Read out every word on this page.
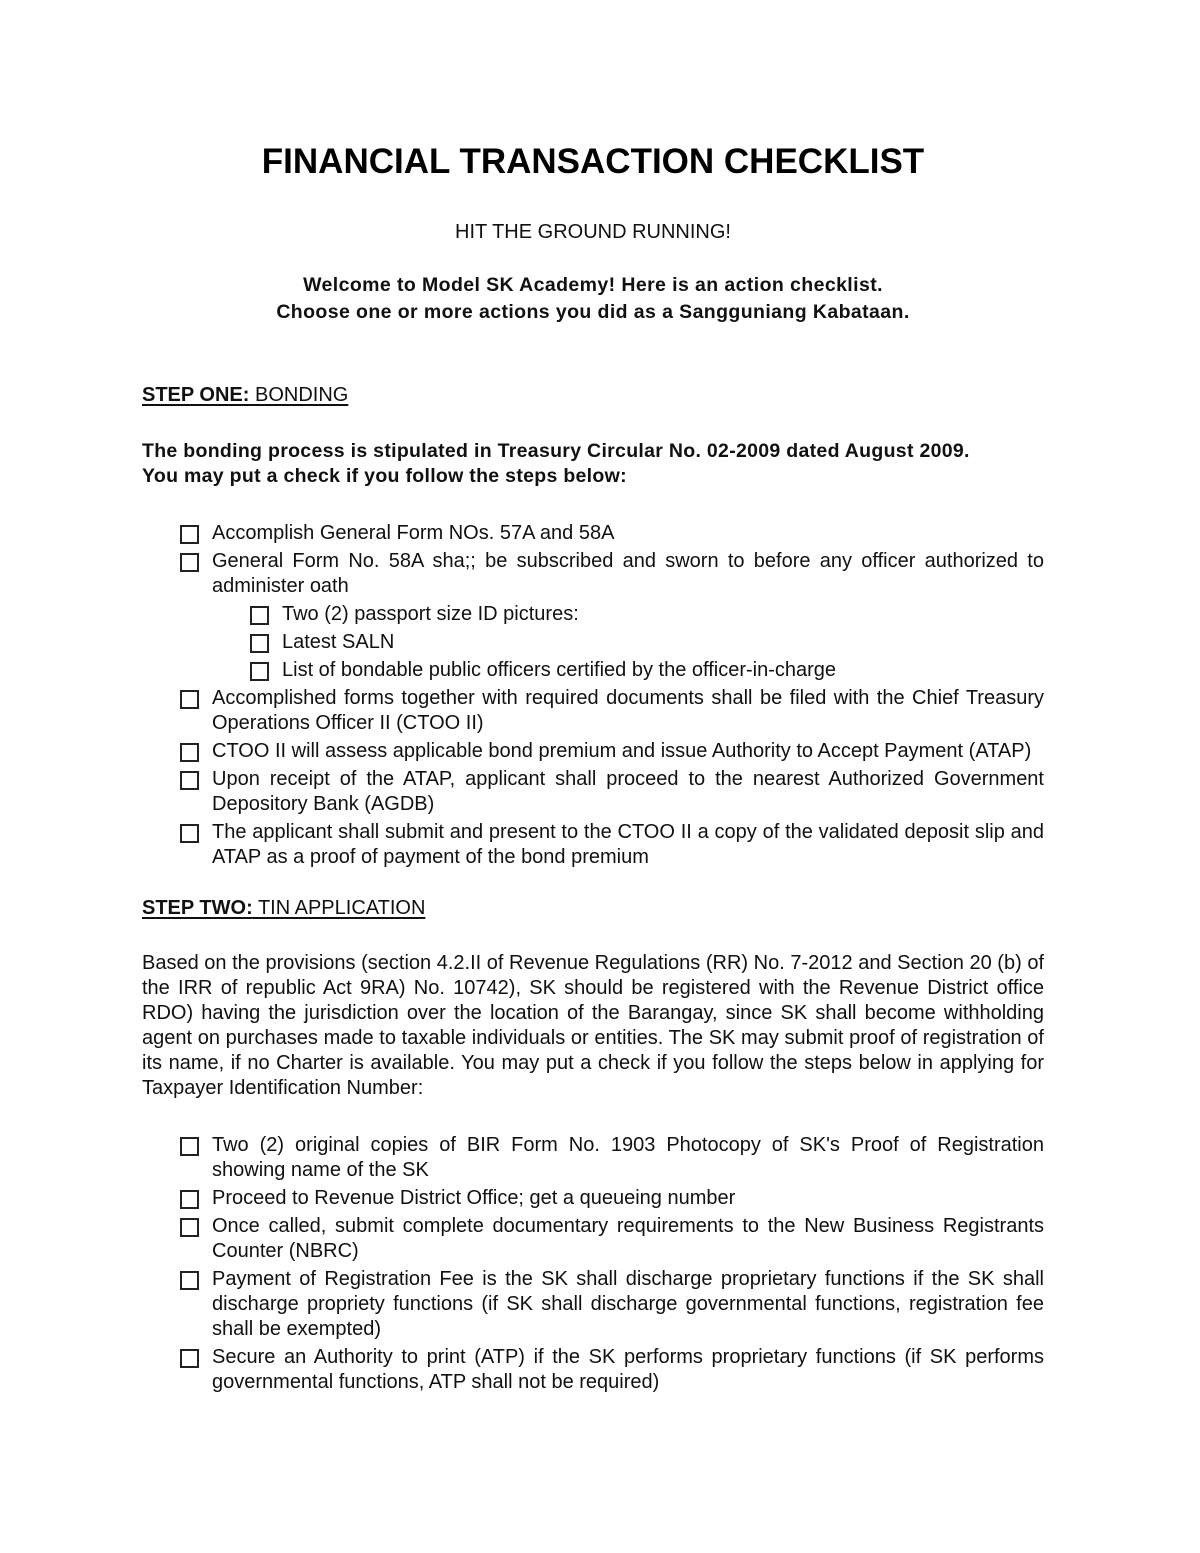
FINANCIAL TRANSACTION CHECKLIST
HIT THE GROUND RUNNING!
Welcome to Model SK Academy! Here is an action checklist.
Choose one or more actions you did as a Sangguniang Kabataan.
STEP ONE: BONDING
The bonding process is stipulated in Treasury Circular No. 02-2009 dated August 2009.
You may put a check if you follow the steps below:
Accomplish General Form NOs. 57A and 58A
General Form No. 58A sha;; be subscribed and sworn to before any officer authorized to administer oath
Two (2) passport size ID pictures:
Latest SALN
List of bondable public officers certified by the officer-in-charge
Accomplished forms together with required documents shall be filed with the Chief Treasury Operations Officer II (CTOO II)
CTOO II will assess applicable bond premium and issue Authority to Accept Payment (ATAP)
Upon receipt of the ATAP, applicant shall proceed to the nearest Authorized Government Depository Bank (AGDB)
The applicant shall submit and present to the CTOO II a copy of the validated deposit slip and ATAP as a proof of payment of the bond premium
STEP TWO: TIN APPLICATION
Based on the provisions (section 4.2.II of Revenue Regulations (RR) No. 7-2012 and Section 20 (b) of the IRR of republic Act 9RA) No. 10742), SK should be registered with the Revenue District office RDO) having the jurisdiction over the location of the Barangay, since SK shall become withholding agent on purchases made to taxable individuals or entities. The SK may submit proof of registration of its name, if no Charter is available. You may put a check if you follow the steps below in applying for Taxpayer Identification Number:
Two (2) original copies of BIR Form No. 1903 Photocopy of SK's Proof of Registration showing name of the SK
Proceed to Revenue District Office; get a queueing number
Once called, submit complete documentary requirements to the New Business Registrants Counter (NBRC)
Payment of Registration Fee is the SK shall discharge proprietary functions if the SK shall discharge propriety functions (if SK shall discharge governmental functions, registration fee shall be exempted)
Secure an Authority to print (ATP) if the SK performs proprietary functions (if SK performs governmental functions, ATP shall not be required)
